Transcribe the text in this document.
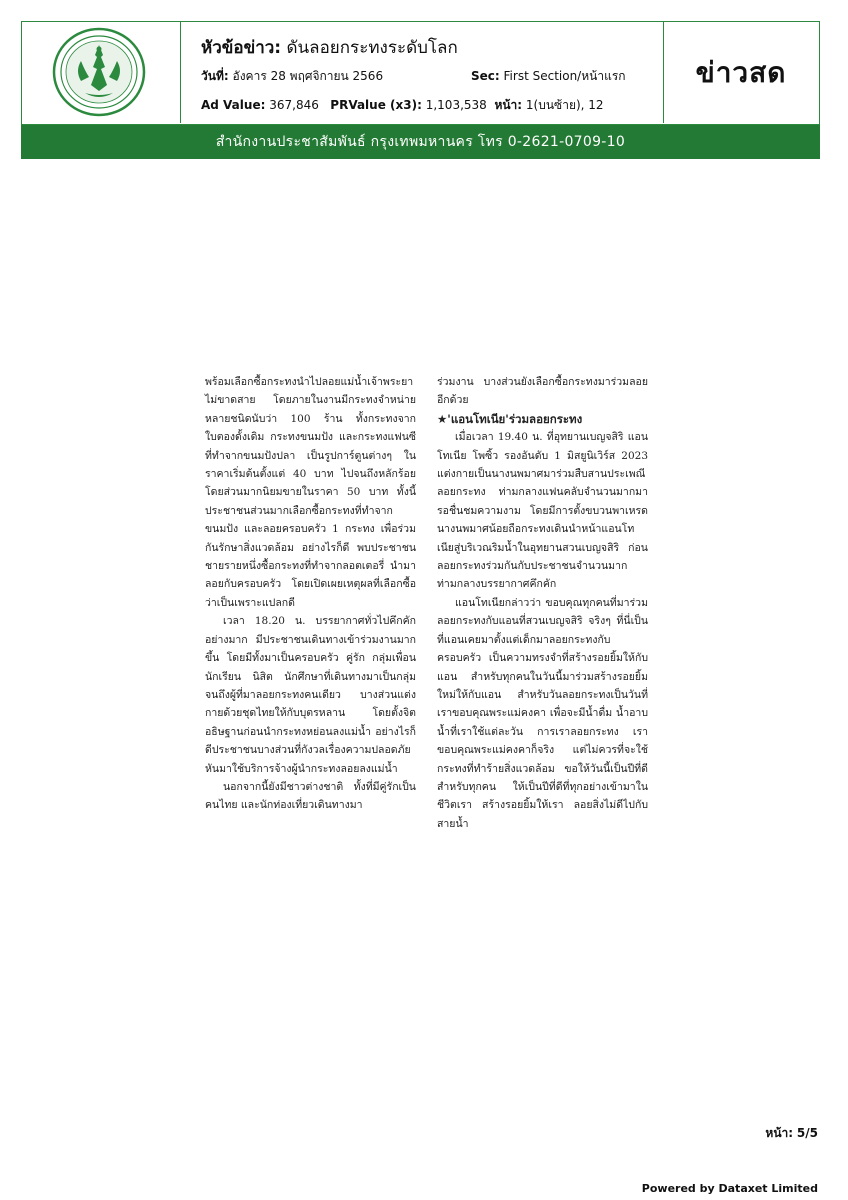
หัวข้อข่าว: ดันลอยกระทงระดับโลก
วันที่: อังคาร 28 พฤศจิกายน 2566	Sec: First Section/หน้าแรก
Ad Value: 367,846 PRValue (x3): 1,103,538 หน้า: 1(บนซ้าย), 12
ข่าวสด
สำนักงานประชาสัมพันธ์ กรุงเทพมหานคร โทร 0-2621-0709-10

พร้อมเลือกซื้อกระทงนำไปลอยแม่น้ำเจ้าพระยาไม่ขาดสาย โดยภายในงานมีกระทงจำหน่ายหลายชนิดนับว่า 100 ร้าน ทั้งกระทงจากใบตองดั้งเดิม กระทงขนมปัง และกระทงแฟนซี ที่ทำจากขนมปังปลา เป็นรูปการ์ตูนต่างๆ ในราคาเริ่มต้นตั้งแต่ 40 บาท ไปจนถึงหลักร้อย โดยส่วนมากนิยมขายในราคา 50 บาท ทั้งนี้ประชาชนส่วนมากเลือกซื้อกระทงที่ทำจากขนมปัง และลอยครอบครัว 1 กระทง เพื่อร่วมกันรักษาสิ่งแวดล้อม อย่างไรก็ดี พบประชาชนชายรายหนึ่งซื้อกระทงที่ทำจากลอตเตอรี่ นำมาลอยกับครอบครัว โดยเปิดเผยเหตุผลที่เลือกซื้อว่าเป็นเพราะแปลกดี

เวลา 18.20 น. บรรยากาศทั่วไปคึกคักอย่างมาก มีประชาชนเดินทางเข้าร่วมงานมากขึ้น โดยมีทั้งมาเป็นครอบครัว คู่รัก กลุ่มเพื่อนนักเรียน นิสิต นักศึกษาที่เดินทางมาเป็นกลุ่ม จนถึงผู้ที่มาลอยกระทงคนเดียว บางส่วนแต่งกายด้วยชุดไทยให้กับบุตรหลาน โดยตั้งจิตอธิษฐานก่อนนำกระทงหย่อนลงแม่น้ำ อย่างไรก็ดีประชาชนบางส่วนที่กังวลเรื่องความปลอดภัย หันมาใช้บริการจ้างผู้นำกระทงลอยลงแม่น้ำ

นอกจากนี้ยังมีชาวต่างชาติ ทั้งที่มีคู่รักเป็นคนไทย และนักท่องเที่ยวเดินทางมา

ร่วมงาน บางส่วนยังเลือกซื้อกระทงมาร่วมลอยอีกด้วย

★'แอนโทเนีย'ร่วมลอยกระทง

เมื่อเวลา 19.40 น. ที่อุทยานเบญจสิริ แอนโทเนีย โพซิ้ว รองอันดับ 1 มิสยูนิเวิร์ส 2023 แต่งกายเป็นนางนพมาศมาร่วมสืบสานประเพณีลอยกระทง ท่ามกลางแฟนคลับจำนวนมากมารอชื่นชมความงาม โดยมีการตั้งขบวนพาเหรด นางนพมาศน้อยถือกระทงเดินนำหน้าแอนโทเนียสู่บริเวณริมน้ำในอุทยานสวนเบญจสิริ ก่อนลอยกระทงร่วมกันกับประชาชนจำนวนมาก ท่ามกลางบรรยากาศคึกคัก

แอนโทเนียกล่าวว่า ขอบคุณทุกคนที่มาร่วมลอยกระทงกับแอนที่สวนเบญจสิริ จริงๆ ที่นี่เป็นที่แอนเคยมาตั้งแต่เด็กมาลอยกระทงกับครอบครัว เป็นความทรงจำที่สร้างรอยยิ้มให้กับแอน สำหรับทุกคนในวันนี้มาร่วมสร้างรอยยิ้มใหม่ให้กับแอน สำหรับวันลอยกระทงเป็นวันที่เราขอบคุณพระแม่คงคา เพื่อจะมีน้ำดื่ม น้ำอาบ น้ำที่เราใช้แต่ละวัน การเราลอยกระทง เราขอบคุณพระแม่คงคาก็จริง แต่ไม่ควรที่จะใช้กระทงที่ทำร้ายสิ่งแวดล้อม ขอให้วันนี้เป็นปีที่ดีสำหรับทุกคน ให้เป็นปีที่ดีที่ทุกอย่างเข้ามาในชีวิตเรา สร้างรอยยิ้มให้เรา ลอยสิ่งไม่ดีไปกับสายน้ำ

หน้า: 5/5
Powered by Dataxet Limited
